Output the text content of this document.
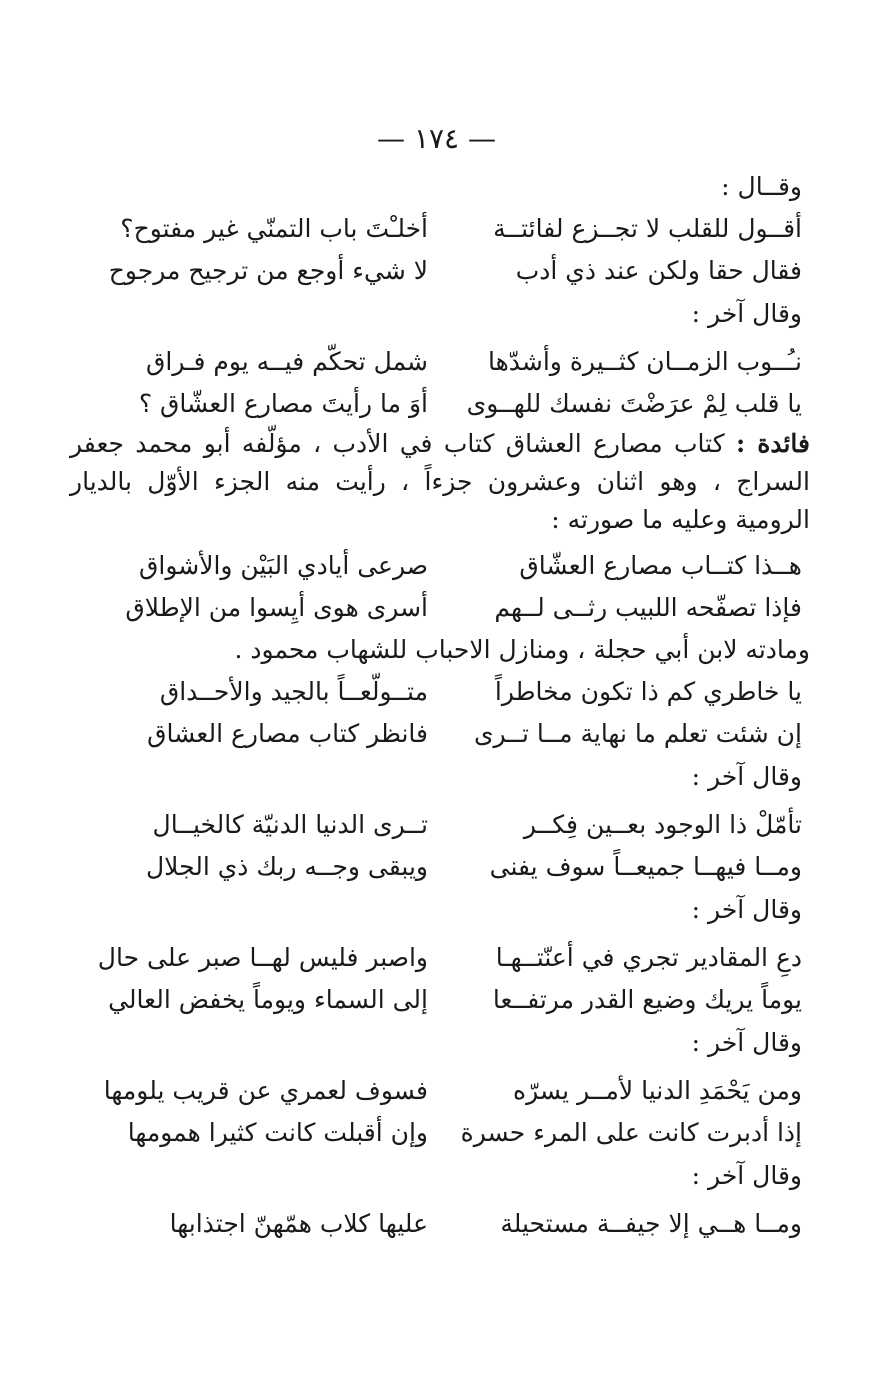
— ١٧٤ —
وقــال :
أقــول للقلب لا تجــزع لفائتــة
أخلـْتَ باب التمنّي غير مفتوح؟
فقال حقا ولكن عند ذي أدب
لا شيء أوجع من ترجيح مرجوح
وقال آخر :
نـُــوب الزمــان كثــيرة وأشدّها
شمل تحكّم فيــه يوم فـراق
يا قلب لِمْ عرَضْتَ نفسك للهــوى
أوَ ما رأيتَ مصارع العشّاق ؟
فائدة : كتاب مصارع العشاق كتاب في الأدب ، مؤلّفه أبو محمد جعفر السراج ، وهو اثنان وعشرون جزءاً ، رأيت منه الجزء الأوّل بالديار الرومية وعليه ما صورته :
هــذا كتــاب مصارع العشّاق
صرعى أيادي البَيْن والأشواق
فإذا تصفّحه اللبيب رثــى لــهم
أسرى هوى أيِسوا من الإطلاق
ومادته لابن أبي حجلة ، ومنازل الاحباب للشهاب محمود .
يا خاطري كم ذا تكون مخاطراً
متــولّعــاً بالجيد والأحــداق
إن شئت تعلم ما نهاية مــا تــرى
فانظر كتاب مصارع العشاق
وقال آخر :
تأمّلْ ذا الوجود بعــين فِكــر
تــرى الدنيا الدنيّة كالخيــال
ومــا فيهــا جميعــاً سوف يفنى
ويبقى وجــه ربك ذي الجلال
وقال آخر :
دعِ المقادير تجري في أعنّتــهـا
واصبر فليس لهــا صبر على حال
يوماً يريك وضيع القدر مرتفــعا
إلى السماء ويوماً يخفض العالي
وقال آخر :
ومن يَحْمَدِ الدنيا لأمــر يسرّه
فسوف لعمري عن قريب يلومها
إذا أدبرت كانت على المرء حسرة
وإن أقبلت كانت كثيرا همومها
وقال آخر :
ومــا هــي إلا جيفــة مستحيلة
عليها كلاب همّهنّ اجتذابها
